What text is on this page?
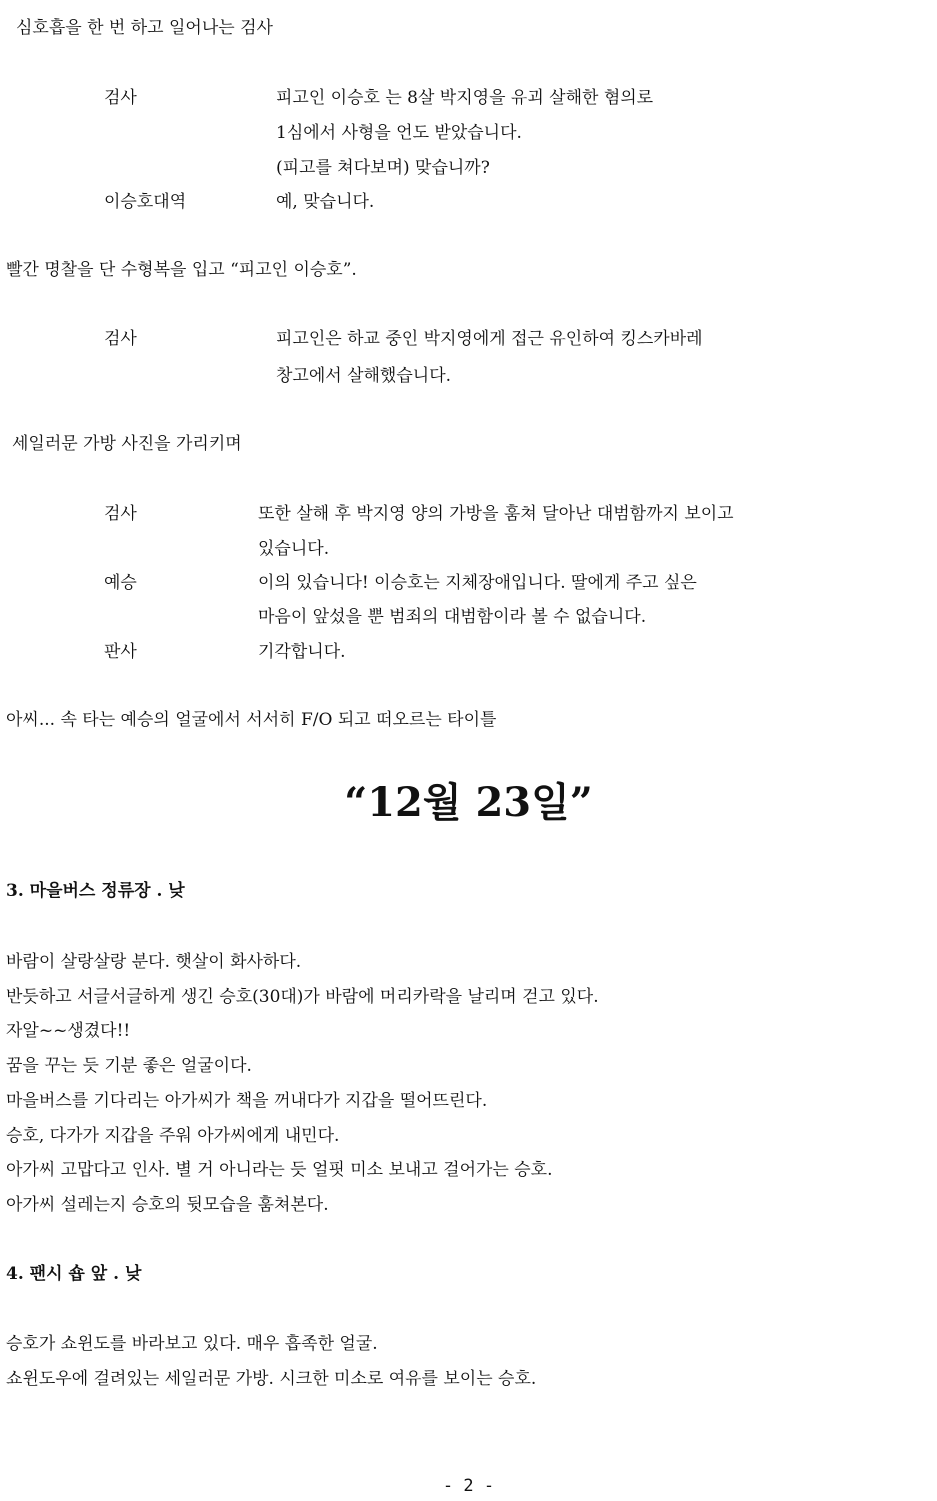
심호흡을 한 번 하고 일어나는 검사
검사	피고인 이승호 는 8살 박지영을 유괴 살해한 혐의로
1심에서 사형을 언도 받았습니다.
(피고를 쳐다보며) 맞습니까?
이승호대역	예, 맞습니다.
빨간 명찰을 단 수형복을 입고 “피고인 이승호”.
검사	피고인은 하교 중인 박지영에게 접근 유인하여 킹스카바레
창고에서 살해했습니다.
세일러문 가방 사진을 가리키며
검사	또한 살해 후 박지영 양의 가방을 훔쳐 달아난 대범함까지 보이고
있습니다.
예승	이의 있습니다! 이승호는 지체장애입니다. 딸에게 주고 싶은
마음이 앞섰을 뿐 범죄의 대범함이라 볼 수 없습니다.
판사	기각합니다.
아씨... 속 타는 예승의 얼굴에서 서서히 F/O 되고 떠오르는 타이틀
“12월 23일”
3. 마을버스 정류장 . 낮
바람이 살랑살랑 분다. 햇살이 화사하다.
반듯하고 서글서글하게 생긴 승호(30대)가 바람에 머리카락을 날리며 걷고 있다.
자알~~생겼다!!
꿈을 꾸는 듯 기분 좋은 얼굴이다.
마을버스를 기다리는 아가씨가 책을 꺼내다가 지갑을 떨어뜨린다.
승호, 다가가 지갑을 주워 아가씨에게 내민다.
아가씨 고맙다고 인사. 별 거 아니라는 듯 얼핏 미소 보내고 걸어가는 승호.
아가씨 설레는지 승호의 뒷모습을 훔쳐본다.
4. 팬시 숍 앞 . 낮
승호가 쇼윈도를 바라보고 있다. 매우 흡족한 얼굴.
쇼윈도우에 걸려있는 세일러문 가방. 시크한 미소로 여유를 보이는 승호.
- 2 -
